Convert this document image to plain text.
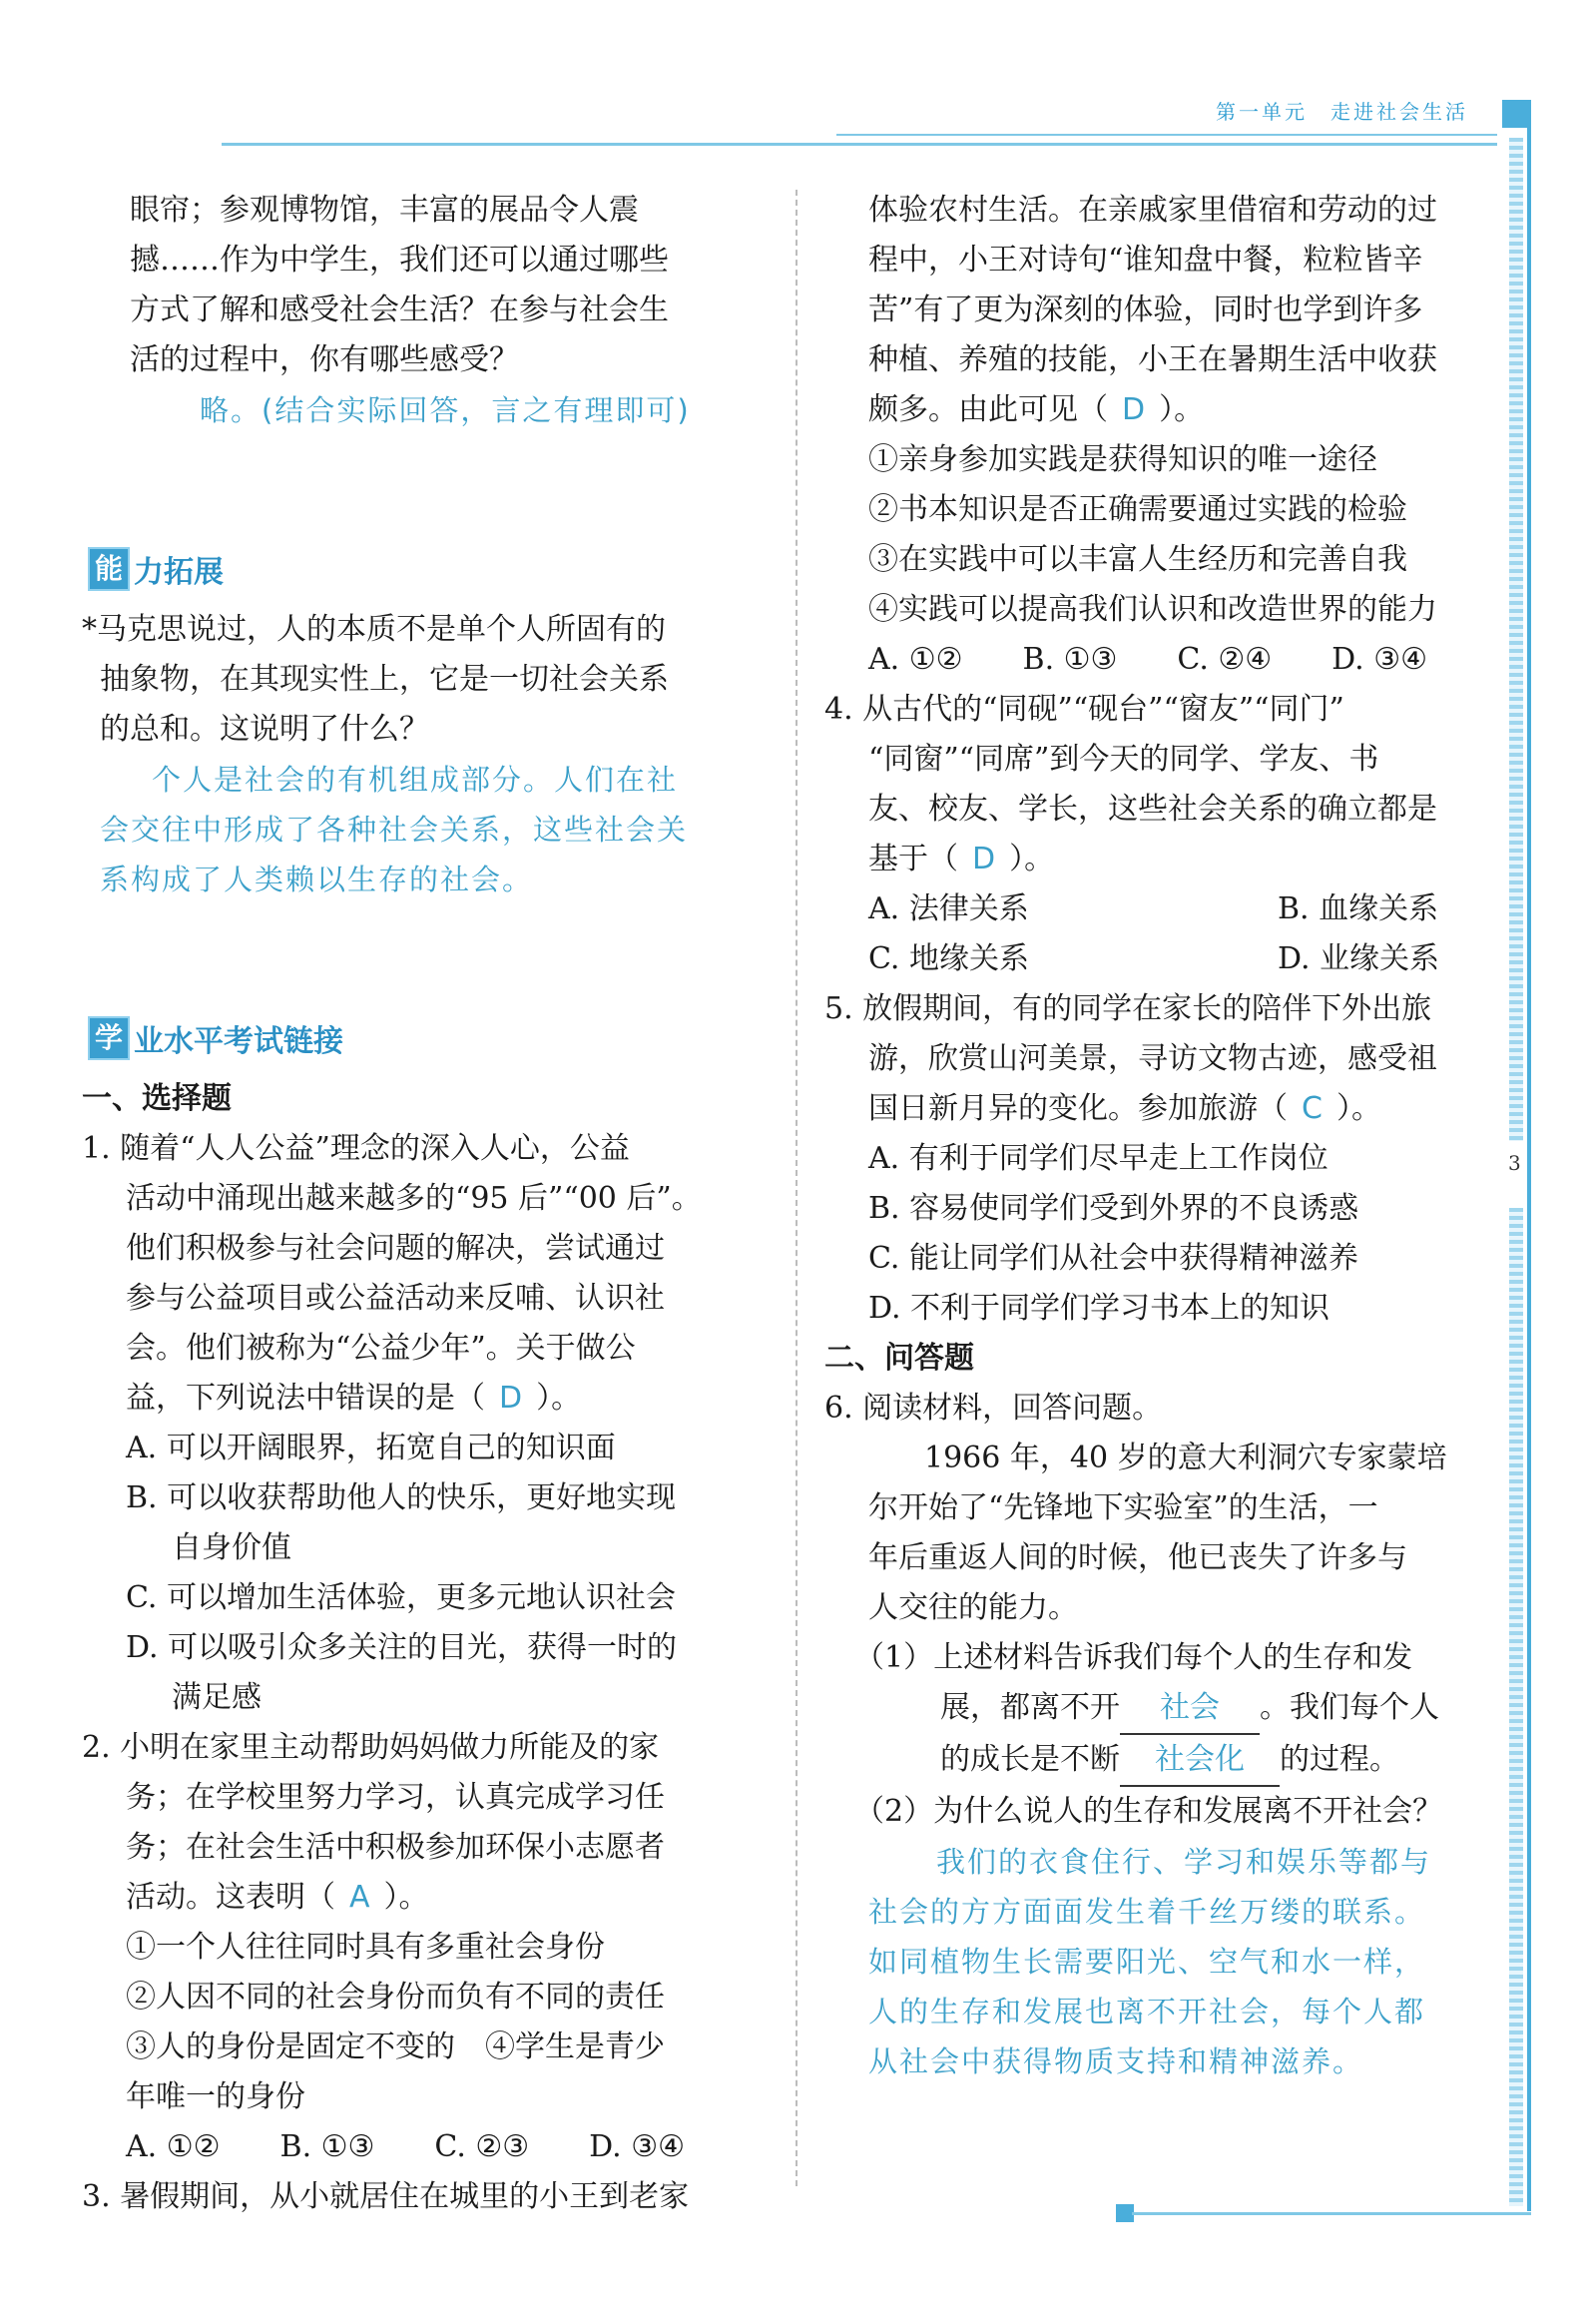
第一单元　走进社会生活
3

眼帘；参观博物馆，丰富的展品令人震

撼……作为中学生，我们还可以通过哪些

方式了解和感受社会生活？在参与社会生

活的过程中，你有哪些感受？

略。(结合实际回答，言之有理即可)

能 力拓展

*马克思说过，人的本质不是单个人所固有的

抽象物，在其现实性上，它是一切社会关系

的总和。这说明了什么？

个人是社会的有机组成部分。人们在社

会交往中形成了各种社会关系，这些社会关

系构成了人类赖以生存的社会。

学 业水平考试链接

一、选择题

1. 随着“人人公益”理念的深入人心，公益

活动中涌现出越来越多的“95 后”“00 后”。

他们积极参与社会问题的解决，尝试通过

参与公益项目或公益活动来反哺、认识社

会。他们被称为“公益少年”。关于做公

益，下列说法中错误的是（ D ）。

A. 可以开阔眼界，拓宽自己的知识面

B. 可以收获帮助他人的快乐，更好地实现

自身价值

C. 可以增加生活体验，更多元地认识社会

D. 可以吸引众多关注的目光，获得一时的

满足感

2. 小明在家里主动帮助妈妈做力所能及的家

务；在学校里努力学习，认真完成学习任

务；在社会生活中积极参加环保小志愿者

活动。这表明（ A ）。

①一个人往往同时具有多重社会身份

②人因不同的社会身份而负有不同的责任

③人的身份是固定不变的　④学生是青少

年唯一的身份

A. ①②　　B. ①③　　C. ②③　　D. ③④

3. 暑假期间，从小就居住在城里的小王到老家

体验农村生活。在亲戚家里借宿和劳动的过

程中，小王对诗句“谁知盘中餐，粒粒皆辛

苦”有了更为深刻的体验，同时也学到许多

种植、养殖的技能，小王在暑期生活中收获

颇多。由此可见（ D ）。

①亲身参加实践是获得知识的唯一途径

②书本知识是否正确需要通过实践的检验

③在实践中可以丰富人生经历和完善自我

④实践可以提高我们认识和改造世界的能力

A. ①②　　B. ①③　　C. ②④　　D. ③④

4. 从古代的“同砚”“砚台”“窗友”“同门”

“同窗”“同席”到今天的同学、学友、书

友、校友、学长，这些社会关系的确立都是

基于（ D ）。

A. 法律关系	B. 血缘关系

C. 地缘关系	D. 业缘关系

5. 放假期间，有的同学在家长的陪伴下外出旅

游，欣赏山河美景，寻访文物古迹，感受祖

国日新月异的变化。参加旅游（ C ）。

A. 有利于同学们尽早走上工作岗位

B. 容易使同学们受到外界的不良诱惑

C. 能让同学们从社会中获得精神滋养

D. 不利于同学们学习书本上的知识

二、问答题

6. 阅读材料，回答问题。

1966 年，40 岁的意大利洞穴专家蒙培

尔开始了“先锋地下实验室”的生活，一

年后重返人间的时候，他已丧失了许多与

人交往的能力。

（1）上述材料告诉我们每个人的生存和发

展，都离不开 社会 。我们每个人

的成长是不断 社会化 的过程。

（2）为什么说人的生存和发展离不开社会？

我们的衣食住行、学习和娱乐等都与

社会的方方面面发生着千丝万缕的联系。

如同植物生长需要阳光、空气和水一样，

人的生存和发展也离不开社会，每个人都

从社会中获得物质支持和精神滋养。
